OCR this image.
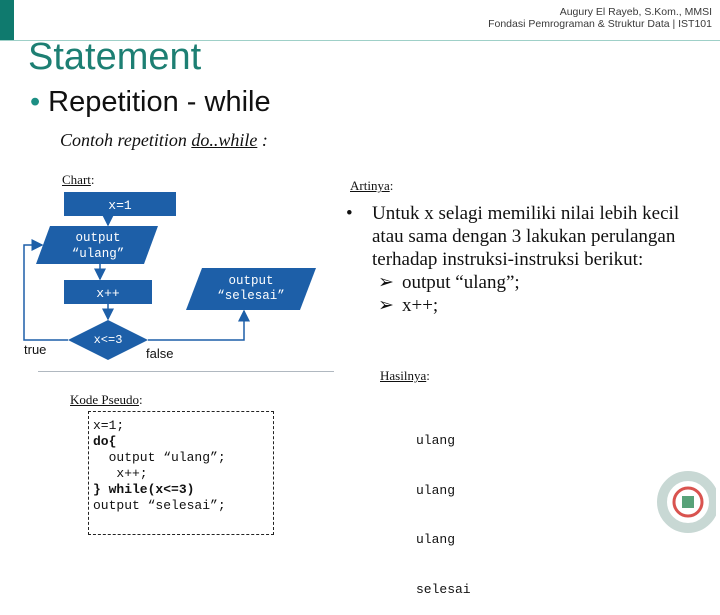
Augury El Rayeb, S.Kom., MMSI
Fondasi Pemrograman & Struktur Data | IST101
Statement
• Repetition - while
Contoh repetition do..while :
Chart:	Artinya:
x=1
output
“ulang”
x++
x<=3
output
“selesai”
true	false
Kode Pseudo:
x=1;
do{
output “ulang”;
x++;
} while(x<=3)
output “selesai”;
•	Untuk x selagi memiliki nilai lebih kecil atau sama dengan 3 lakukan perulangan terhadap instruksi-instruksi berikut:
➢ output “ulang”;
➢ x++;
Hasilnya:

ulang

ulang

ulang

selesai
